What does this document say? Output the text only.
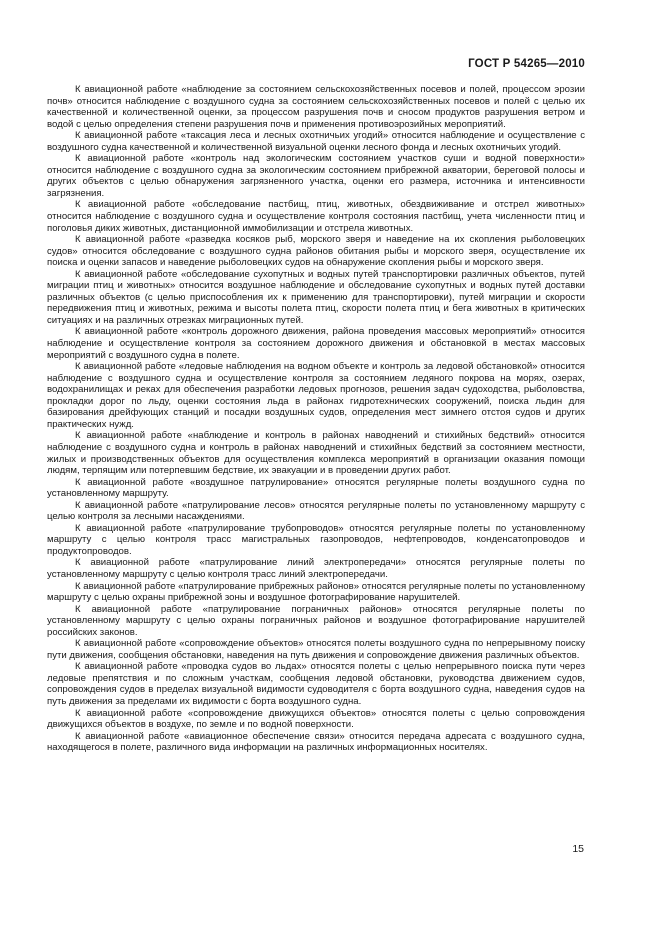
ГОСТ Р 54265—2010

К авиационной работе «наблюдение за состоянием сельскохозяйственных посевов и полей, процессом эрозии почв» относится наблюдение с воздушного судна за состоянием сельскохозяйственных посевов и полей с целью их качественной и количественной оценки, за процессом разрушения почв и сносом продуктов разрушения ветром и водой с целью определения степени разрушения почв и применения противоэрозийных мероприятий.

К авиационной работе «таксация леса и лесных охотничьих угодий» относится наблюдение и осуществление с воздушного судна качественной и количественной визуальной оценки лесного фонда и лесных охотничьих угодий.

К авиационной работе «контроль над экологическим состоянием участков суши и водной поверхности» относится наблюдение с воздушного судна за экологическим состоянием прибрежной акватории, береговой полосы и других объектов с целью обнаружения загрязненного участка, оценки его размера, источника и интенсивности загрязнения.

К авиационной работе «обследование пастбищ, птиц, животных, обездвиживание и отстрел животных» относится наблюдение с воздушного судна и осуществление контроля состояния пастбищ, учета численности птиц и поголовья диких животных, дистанционной иммобилизации и отстрела животных.

К авиационной работе «разведка косяков рыб, морского зверя и наведение на их скопления рыболовецких судов» относится обследование с воздушного судна районов обитания рыбы и морского зверя, осуществление их поиска и оценки запасов и наведение рыболовецких судов на обнаружение скопления рыбы и морского зверя.

К авиационной работе «обследование сухопутных и водных путей транспортировки различных объектов, путей миграции птиц и животных» относится воздушное наблюдение и обследование сухопутных и водных путей доставки различных объектов (с целью приспособления их к применению для транспортировки), путей миграции и скорости передвижения птиц и животных, режима и высоты полета птиц, скорости полета птиц и бега животных в критических ситуациях и на различных отрезках миграционных путей.

К авиационной работе «контроль дорожного движения, района проведения массовых мероприятий» относится наблюдение и осуществление контроля за состоянием дорожного движения и обстановкой в местах массовых мероприятий с воздушного судна в полете.

К авиационной работе «ледовые наблюдения на водном объекте и контроль за ледовой обстановкой» относится наблюдение с воздушного судна и осуществление контроля за состоянием ледяного покрова на морях, озерах, водохранилищах и реках для обеспечения разработки ледовых прогнозов, решения задач судоходства, рыболовства, прокладки дорог по льду, оценки состояния льда в районах гидротехнических сооружений, поиска льдин для базирования дрейфующих станций и посадки воздушных судов, определения мест зимнего отстоя судов и других практических нужд.

К авиационной работе «наблюдение и контроль в районах наводнений и стихийных бедствий» относится наблюдение с воздушного судна и контроль в районах наводнений и стихийных бедствий за состоянием местности, жилых и производственных объектов для осуществления комплекса мероприятий в организации оказания помощи людям, терпящим или потерпевшим бедствие, их эвакуации и в проведении других работ.

К авиационной работе «воздушное патрулирование» относятся регулярные полеты воздушного судна по установленному маршруту.

К авиационной работе «патрулирование лесов» относятся регулярные полеты по установленному маршруту с целью контроля за лесными насаждениями.

К авиационной работе «патрулирование трубопроводов» относятся регулярные полеты по установленному маршруту с целью контроля трасс магистральных газопроводов, нефтепроводов, конденсатопроводов и продуктопроводов.

К авиационной работе «патрулирование линий электропередачи» относятся регулярные полеты по установленному маршруту с целью контроля трасс линий электропередачи.

К авиационной работе «патрулирование прибрежных районов» относятся регулярные полеты по установленному маршруту с целью охраны прибрежной зоны и воздушное фотографирование нарушителей.

К авиационной работе «патрулирование пограничных районов» относятся регулярные полеты по установленному маршруту с целью охраны пограничных районов и воздушное фотографирование нарушителей российских законов.

К авиационной работе «сопровождение объектов» относятся полеты воздушного судна по непрерывному поиску пути движения, сообщения обстановки, наведения на путь движения и сопровождение движения различных объектов.

К авиационной работе «проводка судов во льдах» относятся полеты с целью непрерывного поиска пути через ледовые препятствия и по сложным участкам, сообщения ледовой обстановки, руководства движением судов, сопровождения судов в пределах визуальной видимости судоводителя с борта воздушного судна, наведения судов на путь движения за пределами их видимости с борта воздушного судна.

К авиационной работе «сопровождение движущихся объектов» относятся полеты с целью сопровождения движущихся объектов в воздухе, по земле и по водной поверхности.

К авиационной работе «авиационное обеспечение связи» относится передача адресата с воздушного судна, находящегося в полете, различного вида информации на различных информационных носителях.

15
